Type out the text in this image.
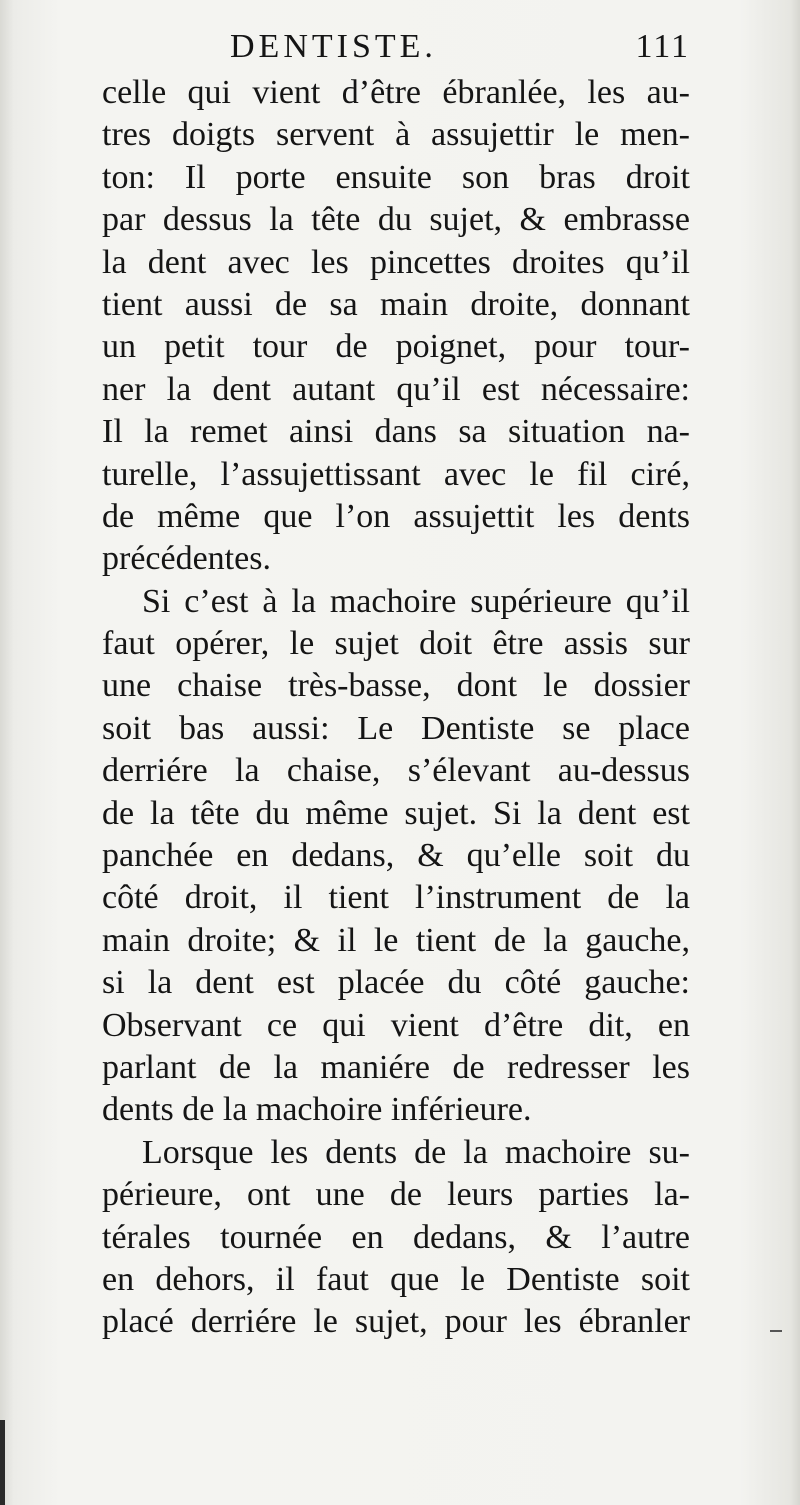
DENTISTE.	111
celle qui vient d’être ébranlée, les au-
tres doigts servent à assujettir le men-
ton: Il porte ensuite son bras droit
par dessus la tête du sujet, & embrasse
la dent avec les pincettes droites qu’il
tient aussi de sa main droite, donnant
un petit tour de poignet, pour tour-
ner la dent autant qu’il est nécessaire:
Il la remet ainsi dans sa situation na-
turelle, l’assujettissant avec le fil ciré,
de même que l’on assujettit les dents
précédentes.
Si c’est à la machoire supérieure qu’il
faut opérer, le sujet doit être assis sur
une chaise très-basse, dont le dossier
soit bas aussi: Le Dentiste se place
derriére la chaise, s’élevant au-dessus
de la tête du même sujet. Si la dent est
panchée en dedans, & qu’elle soit du
côté droit, il tient l’instrument de la
main droite; & il le tient de la gauche,
si la dent est placée du côté gauche:
Observant ce qui vient d’être dit, en
parlant de la maniére de redresser les
dents de la machoire inférieure.
Lorsque les dents de la machoire su-
périeure, ont une de leurs parties la-
térales tournée en dedans, & l’autre
en dehors, il faut que le Dentiste soit
placé derriére le sujet, pour les ébranler
